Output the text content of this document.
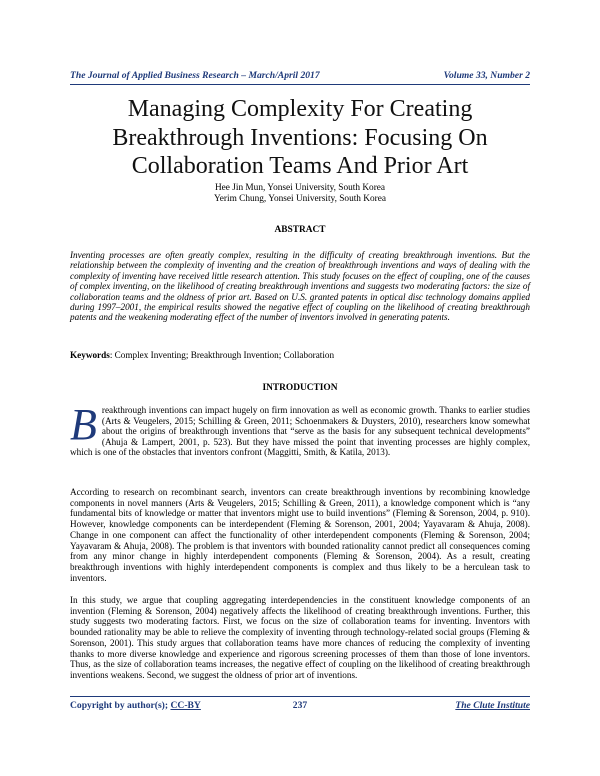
The Journal of Applied Business Research – March/April 2017	Volume 33, Number 2
Managing Complexity For Creating Breakthrough Inventions: Focusing On Collaboration Teams And Prior Art
Hee Jin Mun, Yonsei University, South Korea
Yerim Chung, Yonsei University, South Korea
ABSTRACT

Inventing processes are often greatly complex, resulting in the difficulty of creating breakthrough inventions. But the relationship between the complexity of inventing and the creation of breakthrough inventions and ways of dealing with the complexity of inventing have received little research attention. This study focuses on the effect of coupling, one of the causes of complex inventing, on the likelihood of creating breakthrough inventions and suggests two moderating factors: the size of collaboration teams and the oldness of prior art. Based on U.S. granted patents in optical disc technology domains applied during 1997–2001, the empirical results showed the negative effect of coupling on the likelihood of creating breakthrough patents and the weakening moderating effect of the number of inventors involved in generating patents.

Keywords: Complex Inventing; Breakthrough Invention; Collaboration
INTRODUCTION

Breakthrough inventions can impact hugely on firm innovation as well as economic growth. Thanks to earlier studies (Arts & Veugelers, 2015; Schilling & Green, 2011; Schoenmakers & Duysters, 2010), researchers know somewhat about the origins of breakthrough inventions that “serve as the basis for any subsequent technical developments” (Ahuja & Lampert, 2001, p. 523). But they have missed the point that inventing processes are highly complex, which is one of the obstacles that inventors confront (Maggitti, Smith, & Katila, 2013).

According to research on recombinant search, inventors can create breakthrough inventions by recombining knowledge components in novel manners (Arts & Veugelers, 2015; Schilling & Green, 2011), a knowledge component which is “any fundamental bits of knowledge or matter that inventors might use to build inventions” (Fleming & Sorenson, 2004, p. 910). However, knowledge components can be interdependent (Fleming & Sorenson, 2001, 2004; Yayavaram & Ahuja, 2008). Change in one component can affect the functionality of other interdependent components (Fleming & Sorenson, 2004; Yayavaram & Ahuja, 2008). The problem is that inventors with bounded rationality cannot predict all consequences coming from any minor change in highly interdependent components (Fleming & Sorenson, 2004). As a result, creating breakthrough inventions with highly interdependent components is complex and thus likely to be a herculean task to inventors.

In this study, we argue that coupling aggregating interdependencies in the constituent knowledge components of an invention (Fleming & Sorenson, 2004) negatively affects the likelihood of creating breakthrough inventions. Further, this study suggests two moderating factors. First, we focus on the size of collaboration teams for inventing. Inventors with bounded rationality may be able to relieve the complexity of inventing through technology-related social groups (Fleming & Sorenson, 2001). This study argues that collaboration teams have more chances of reducing the complexity of inventing thanks to more diverse knowledge and experience and rigorous screening processes of them than those of lone inventors. Thus, as the size of collaboration teams increases, the negative effect of coupling on the likelihood of creating breakthrough inventions weakens. Second, we suggest the oldness of prior art of inventions.

Copyright by author(s); CC-BY	237	The Clute Institute
